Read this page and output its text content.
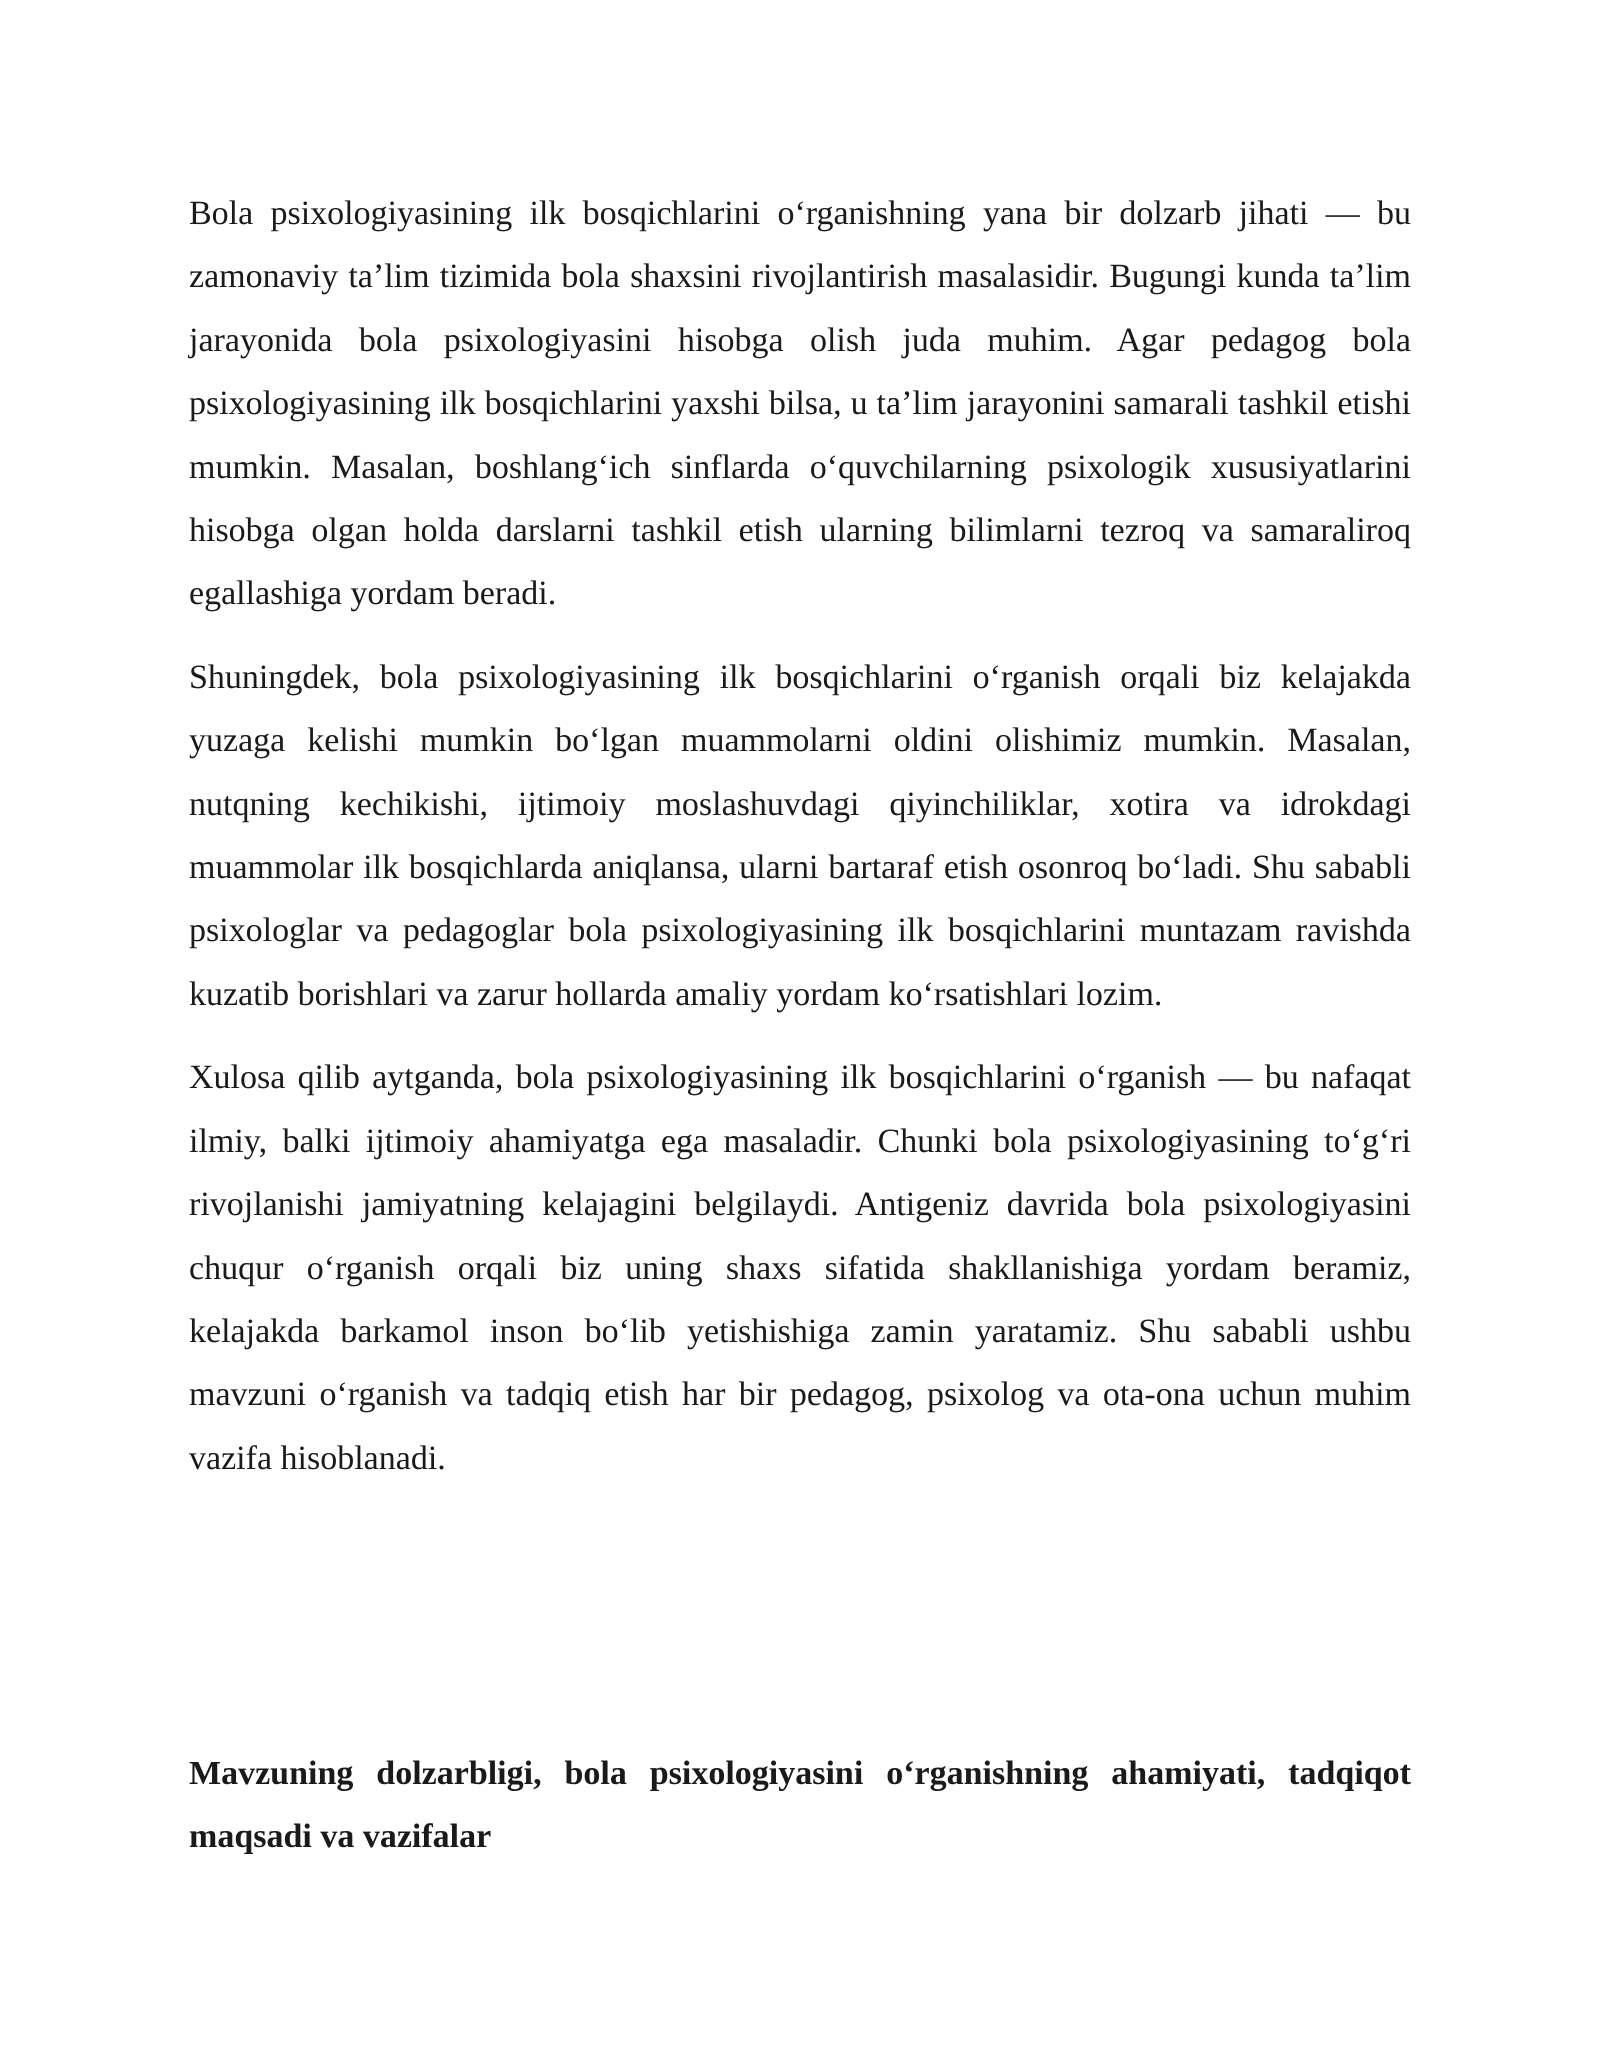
Bola psixologiyasining ilk bosqichlarini o‘rganishning yana bir dolzarb jihati — bu zamonaviy ta’lim tizimida bola shaxsini rivojlantirish masalasidir. Bugungi kunda ta’lim jarayonida bola psixologiyasini hisobga olish juda muhim. Agar pedagog bola psixologiyasining ilk bosqichlarini yaxshi bilsa, u ta’lim jarayonini samarali tashkil etishi mumkin. Masalan, boshlang‘ich sinflarda o‘quvchilarning psixologik xususiyatlarini hisobga olgan holda darslarni tashkil etish ularning bilimlarni tezroq va samaraliroq egallashiga yordam beradi.

Shuningdek, bola psixologiyasining ilk bosqichlarini o‘rganish orqali biz kelajakda yuzaga kelishi mumkin bo‘lgan muammolarni oldini olishimiz mumkin. Masalan, nutqning kechikishi, ijtimoiy moslashuvdagi qiyinchiliklar, xotira va idrokdagi muammolar ilk bosqichlarda aniqlansa, ularni bartaraf etish osonroq bo‘ladi. Shu sababli psixologlar va pedagoglar bola psixologiyasining ilk bosqichlarini muntazam ravishda kuzatib borishlari va zarur hollarda amaliy yordam ko‘rsatishlari lozim.

Xulosa qilib aytganda, bola psixologiyasining ilk bosqichlarini o‘rganish — bu nafaqat ilmiy, balki ijtimoiy ahamiyatga ega masaladir. Chunki bola psixologiyasining to‘g‘ri rivojlanishi jamiyatning kelajagini belgilaydi. Antigeniz davrida bola psixologiyasini chuqur o‘rganish orqali biz uning shaxs sifatida shakllanishiga yordam beramiz, kelajakda barkamol inson bo‘lib yetishishiga zamin yaratamiz. Shu sababli ushbu mavzuni o‘rganish va tadqiq etish har bir pedagog, psixolog va ota-ona uchun muhim vazifa hisoblanadi.

Mavzuning dolzarbligi, bola psixologiyasini o‘rganishning ahamiyati, tadqiqot maqsadi va vazifalar
